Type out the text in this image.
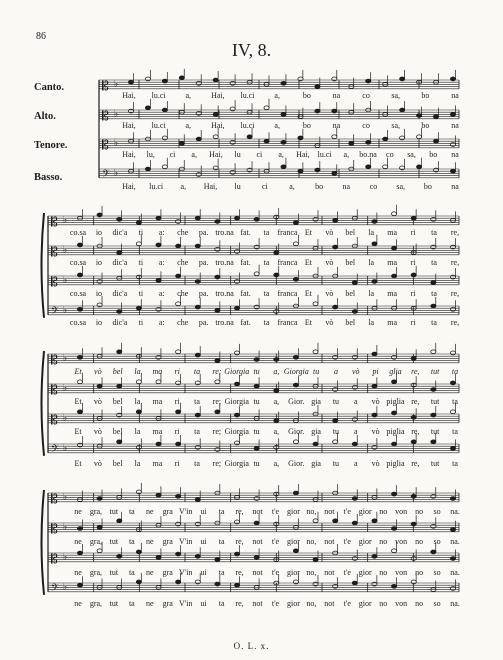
86
IV, 8.
Canto.
Alto.
Tenore.
Basso.
𝄡 ♭
Hai, lu.ci a,	Hai, lu.ci a,	bo	na	co	sa,	bo	na
𝄡 ♭
Hai, lu.ci a,	Hai, lu.ci a,	bo	na	co	sa,	bo	na
𝄡 ♭
Hai, lu, ci a, Hai, lu ci a, Hai, lu.ci a, bo.na co sa, bo na
𝄢 ♭
Hai, lu.ci a, Hai, lu	ci	a,	bo na co sa, bo na
𝄡 ♭
co.sa io dic'a ti a: che pa. tro.na fat. ta franca Et vò bel la ma ri ta re,
𝄡 ♭
co.sa io dic'a ti a: che pa. tro.na fat. ta franca Et vò bel la ma ri ta re,
𝄡 ♭
co.sa io dic'a ti a: che pa. tro.na fat. ta franca Et vò bel la ma ri ta re,
𝄢 ♭
co.sa io dic'a ti a: che pa. tro.na fat. ta franca Et vò bel la ma ri ta re,
𝄡 ♭
Et vò bel la ma ri ta re; Giorgia tu a, Giorgia tu a vò pi glia re, tut ta
𝄡 ♭
Et vò bel la ma ri ta re; Giorgia tu a, Gior. gia tu a vò piglia re, tut ta
𝄡 ♭
Et vò bel la ma ri ta re; Giorgia tu a, Gior. gia tu a vò piglia re, tut ta
𝄢 ♭
Et vò bel la ma ri ta re; Giorgia tu a, Gior. gia tu a vò piglia re, tut ta
𝄡 ♭
ne gra, tut ta ne gra V'in ui ta re, not t'e gior no, not t'e gior no von no so na.
𝄡 ♭
ne gra, tut ta ne gra V'in ui ta re, not t'e gior no, not t'e gior no von no so na.
𝄡 ♭
ne gra, tut ta ne gra V'in ui ta re, not t'e gior no, not t'e gior no von no so na.
𝄢 ♭
ne gra, tut ta ne gra V'in ui ta re, not t'e gior no, not t'e gior no von no so na.
O. L. x.
